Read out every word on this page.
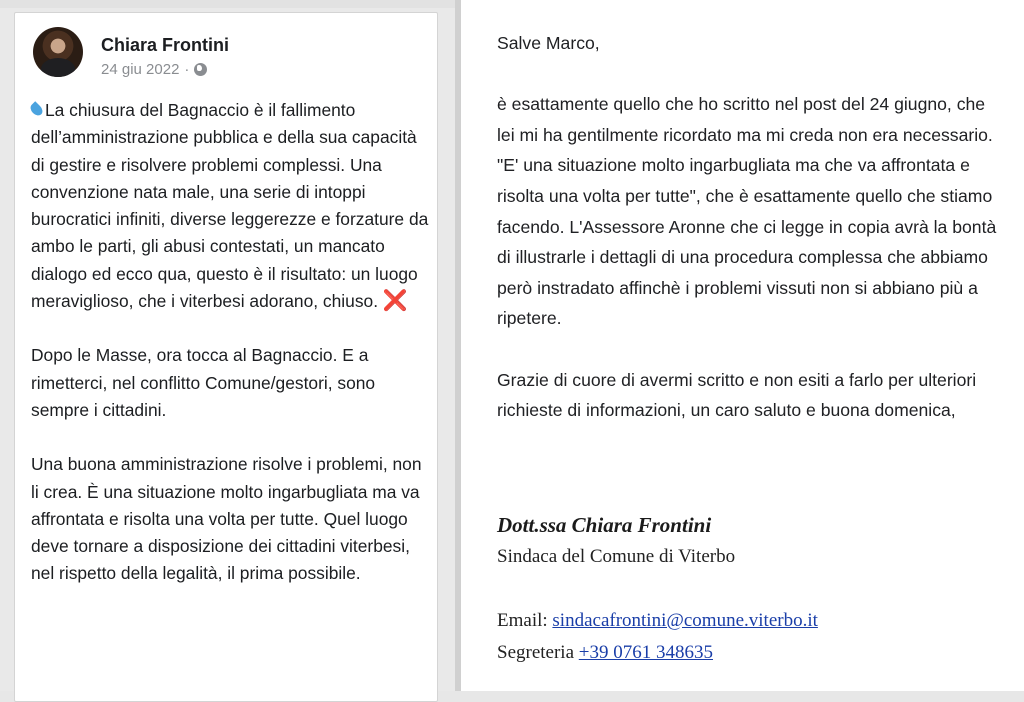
Chiara Frontini
24 giu 2022 ·

La chiusura del Bagnaccio è il fallimento dell’amministrazione pubblica e della sua capacità di gestire e risolvere problemi complessi. Una convenzione nata male, una serie di intoppi burocratici infiniti, diverse leggerezze e forzature da ambo le parti, gli abusi contestati, un mancato dialogo ed ecco qua, questo è il risultato: un luogo meraviglioso, che i viterbesi adorano, chiuso. ❌

Dopo le Masse, ora tocca al Bagnaccio. E a rimetterci, nel conflitto Comune/gestori, sono sempre i cittadini.

Una buona amministrazione risolve i problemi, non li crea. È una situazione molto ingarbugliata ma va affrontata e risolta una volta per tutte. Quel luogo deve tornare a disposizione dei cittadini viterbesi, nel rispetto della legalità, il prima possibile.

Salve Marco,

è esattamente quello che ho scritto nel post del 24 giugno, che lei mi ha gentilmente ricordato ma mi creda non era necessario. "E' una situazione molto ingarbugliata ma che va affrontata e risolta una volta per tutte", che è esattamente quello che stiamo facendo. L'Assessore Aronne che ci legge in copia avrà la bontà di illustrarle i dettagli di una procedura complessa che abbiamo però instradato affinchè i problemi vissuti non si abbiano più a ripetere.

Grazie di cuore di avermi scritto e non esiti a farlo per ulteriori richieste di informazioni, un caro saluto e buona domenica,

Dott.ssa Chiara Frontini
Sindaca del Comune di Viterbo
Email: sindacafrontini@comune.viterbo.it
Segreteria +39 0761 348635
